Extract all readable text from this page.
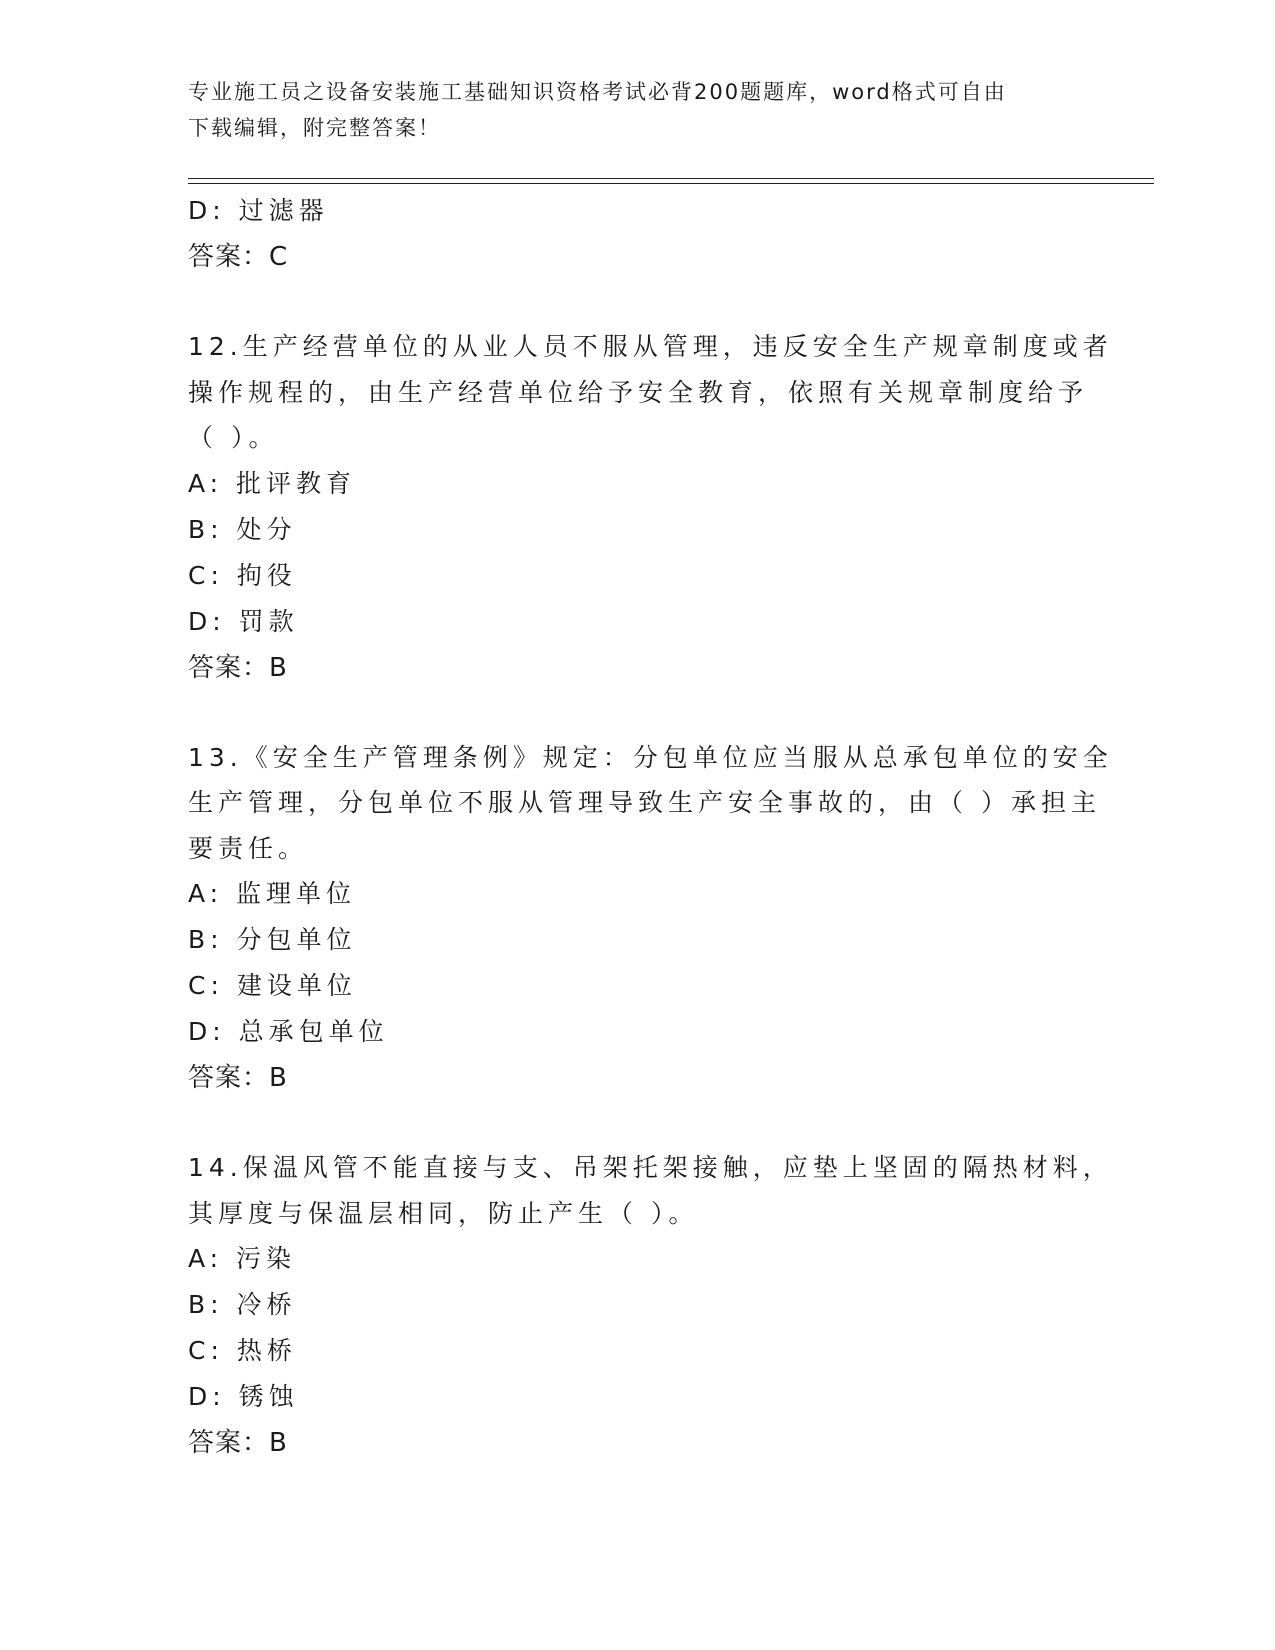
专业施工员之设备安装施工基础知识资格考试必背200题题库，word格式可自由
下载编辑，附完整答案！
D: 过滤器
答案：C
12.生产经营单位的从业人员不服从管理，违反安全生产规章制度或者
操作规程的，由生产经营单位给予安全教育，依照有关规章制度给予
（ ）。
A: 批评教育
B: 处分
C: 拘役
D: 罚款
答案：B
13.《安全生产管理条例》规定：分包单位应当服从总承包单位的安全
生产管理，分包单位不服从管理导致生产安全事故的，由（ ）承担主
要责任。
A: 监理单位
B: 分包单位
C: 建设单位
D: 总承包单位
答案：B
14.保温风管不能直接与支、吊架托架接触，应垫上坚固的隔热材料，
其厚度与保温层相同，防止产生（ ）。
A: 污染
B: 冷桥
C: 热桥
D: 锈蚀
答案：B
